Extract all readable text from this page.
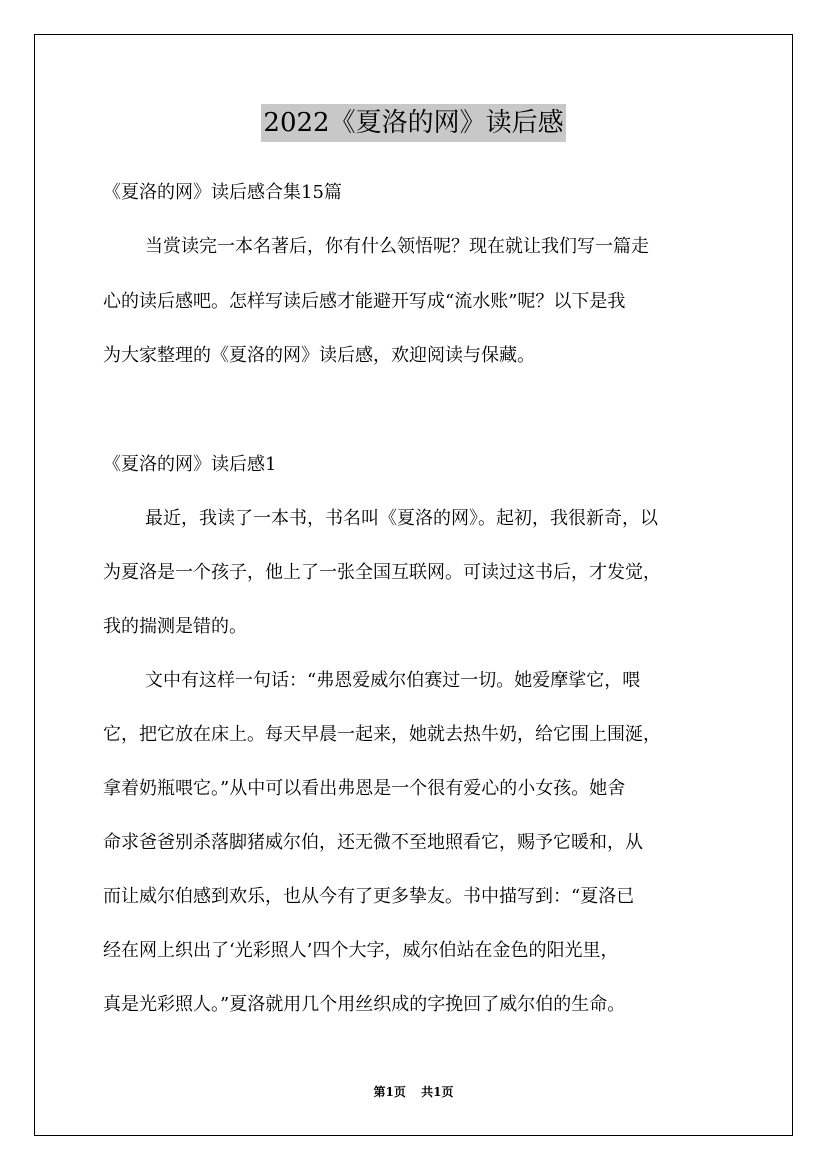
2022《夏洛的网》读后感
《夏洛的网》读后感合集15篇
当赏读完一本名著后，你有什么领悟呢？现在就让我们写一篇走
心的读后感吧。怎样写读后感才能避开写成“流水账”呢？以下是我
为大家整理的《夏洛的网》读后感，欢迎阅读与保藏。
《夏洛的网》读后感1
最近，我读了一本书，书名叫《夏洛的网》。起初，我很新奇，以
为夏洛是一个孩子，他上了一张全国互联网。可读过这书后，才发觉，
我的揣测是错的。
文中有这样一句话：“弗恩爱威尔伯赛过一切。她爱摩挲它，喂
它，把它放在床上。每天早晨一起来，她就去热牛奶，给它围上围涎，
拿着奶瓶喂它。”从中可以看出弗恩是一个很有爱心的小女孩。她舍
命求爸爸别杀落脚猪威尔伯，还无微不至地照看它，赐予它暖和，从
而让威尔伯感到欢乐，也从今有了更多挚友。书中描写到：“夏洛已
经在网上织出了‘光彩照人’四个大字，威尔伯站在金色的阳光里，
真是光彩照人。”夏洛就用几个用丝织成的字挽回了威尔伯的生命。
第1页 共1页
